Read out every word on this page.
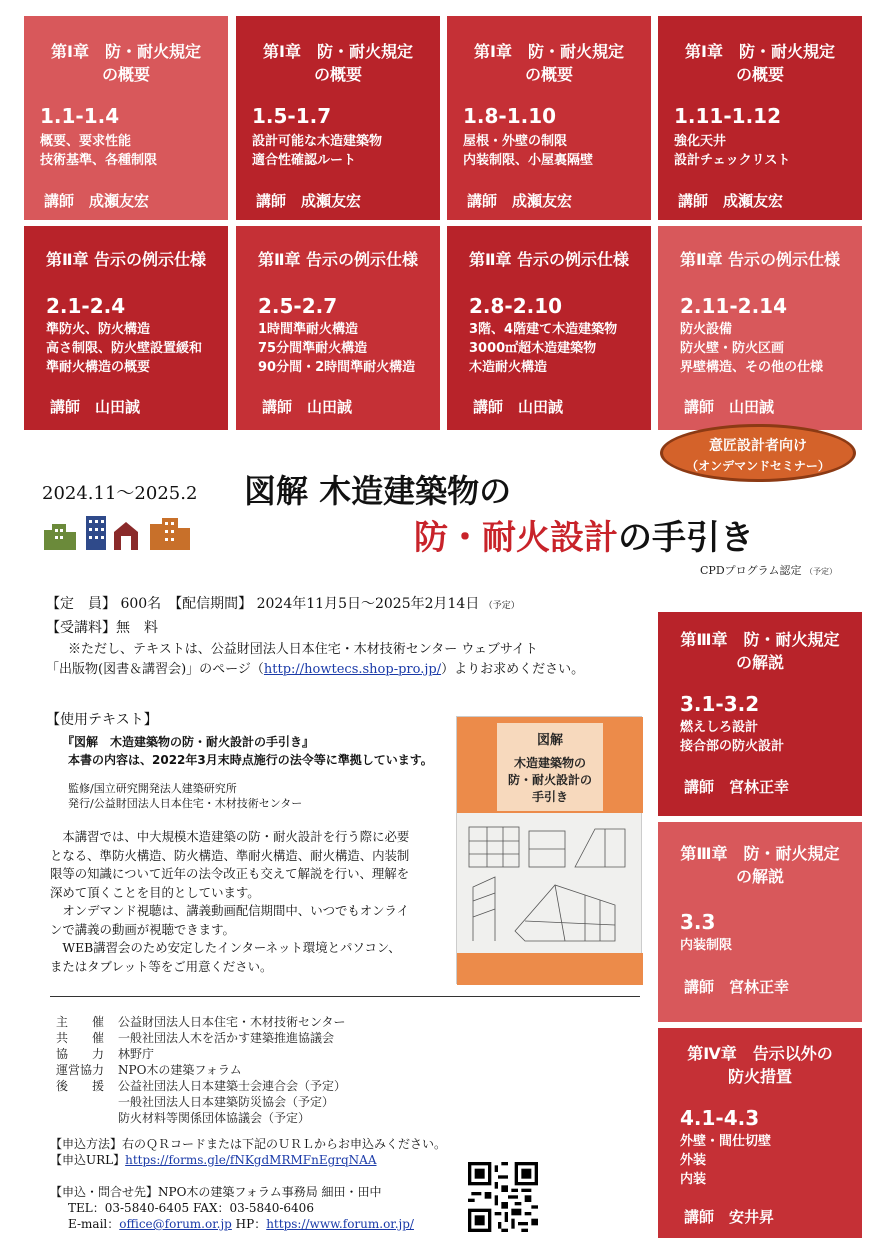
第Ⅰ章　防・耐火規定
の概要
1.1-1.4
概要、要求性能
技術基準、各種制限
講師　成瀬友宏
第Ⅰ章　防・耐火規定
の概要
1.5-1.7
設計可能な木造建築物
適合性確認ルート
講師　成瀬友宏
第Ⅰ章　防・耐火規定
の概要
1.8-1.10
屋根・外壁の制限
内装制限、小屋裏隔壁
講師　成瀬友宏
第Ⅰ章　防・耐火規定
の概要
1.11-1.12
強化天井
設計チェックリスト
講師　成瀬友宏
第Ⅱ章 告示の例示仕様
2.1-2.4
準防火、防火構造
高さ制限、防火壁設置緩和
準耐火構造の概要
講師　山田誠
第Ⅱ章 告示の例示仕様
2.5-2.7
1時間準耐火構造
75分間準耐火構造
90分間・2時間準耐火構造
講師　山田誠
第Ⅱ章 告示の例示仕様
2.8-2.10
3階、4階建て木造建築物
3000㎡超木造建築物
木造耐火構造
講師　山田誠
第Ⅱ章 告示の例示仕様
2.11-2.14
防火設備
防火壁・防火区画
界壁構造、その他の仕様
講師　山田誠
2024.11～2025.2 図解 木造建築物の
防・耐火設計の手引き
意匠設計者向け
（オンデマンドセミナー）
CPDプログラム認定 （予定）
【定　員】 600名　【配信期間】 2024年11月5日～2025年2月14日 （予定）
【受講料】無　料
※ただし、テキストは、公益財団法人日本住宅・木材技術センター ウェブサイト
「出版物(図書＆講習会)」のページ（http://howtecs.shop-pro.jp/）よりお求めください。
【使用テキスト】
『図解　木造建築物の防・耐火設計の手引き』
本書の内容は、2022年3月末時点施行の法令等に準拠しています。
監修/国立研究開発法人建築研究所
発行/公益財団法人日本住宅・木材技術センター
　本講習では、中大規模木造建築の防・耐火設計を行う際に必要
となる、準防火構造、防火構造、準耐火構造、耐火構造、内装制
限等の知識について近年の法令改正も交えて解説を行い、理解を
深めて頂くことを目的としています。
　オンデマンド視聴は、講義動画配信期間中、いつでもオンライ
ンで講義の動画が視聴できます。
　WEB講習会のため安定したインターネット環境とパソコン、
またはタブレット等をご用意ください。
図解
木造建築物の
防・耐火設計の
手引き
主　　催 公益財団法人日本住宅・木材技術センター
共　　催 一般社団法人木を活かす建築推進協議会
協　　力 林野庁
運営協力 NPO木の建築フォラム
後　　援 公益社団法人日本建築士会連合会（予定）
一般社団法人日本建築防災協会（予定）
防火材料等関係団体協議会（予定）
【申込方法】右のＱＲコードまたは下記のＵＲＬからお申込みください。
【申込URL】https://forms.gle/fNKgdMRMFnEgrqNAA
【申込・問合せ先】NPO木の建築フォラム事務局 細田・田中
TEL：03-5840-6405 FAX：03-5840-6406
E-mail：office@forum.or.jp HP：https://www.forum.or.jp/
第Ⅲ章　防・耐火規定
の解説
3.1-3.2
燃えしろ設計
接合部の防火設計
講師　宮林正幸
第Ⅲ章　防・耐火規定
の解説
3.3
内装制限
講師　宮林正幸
第Ⅳ章　告示以外の
防火措置
4.1-4.3
外壁・間仕切壁
外装
内装
講師　安井昇
